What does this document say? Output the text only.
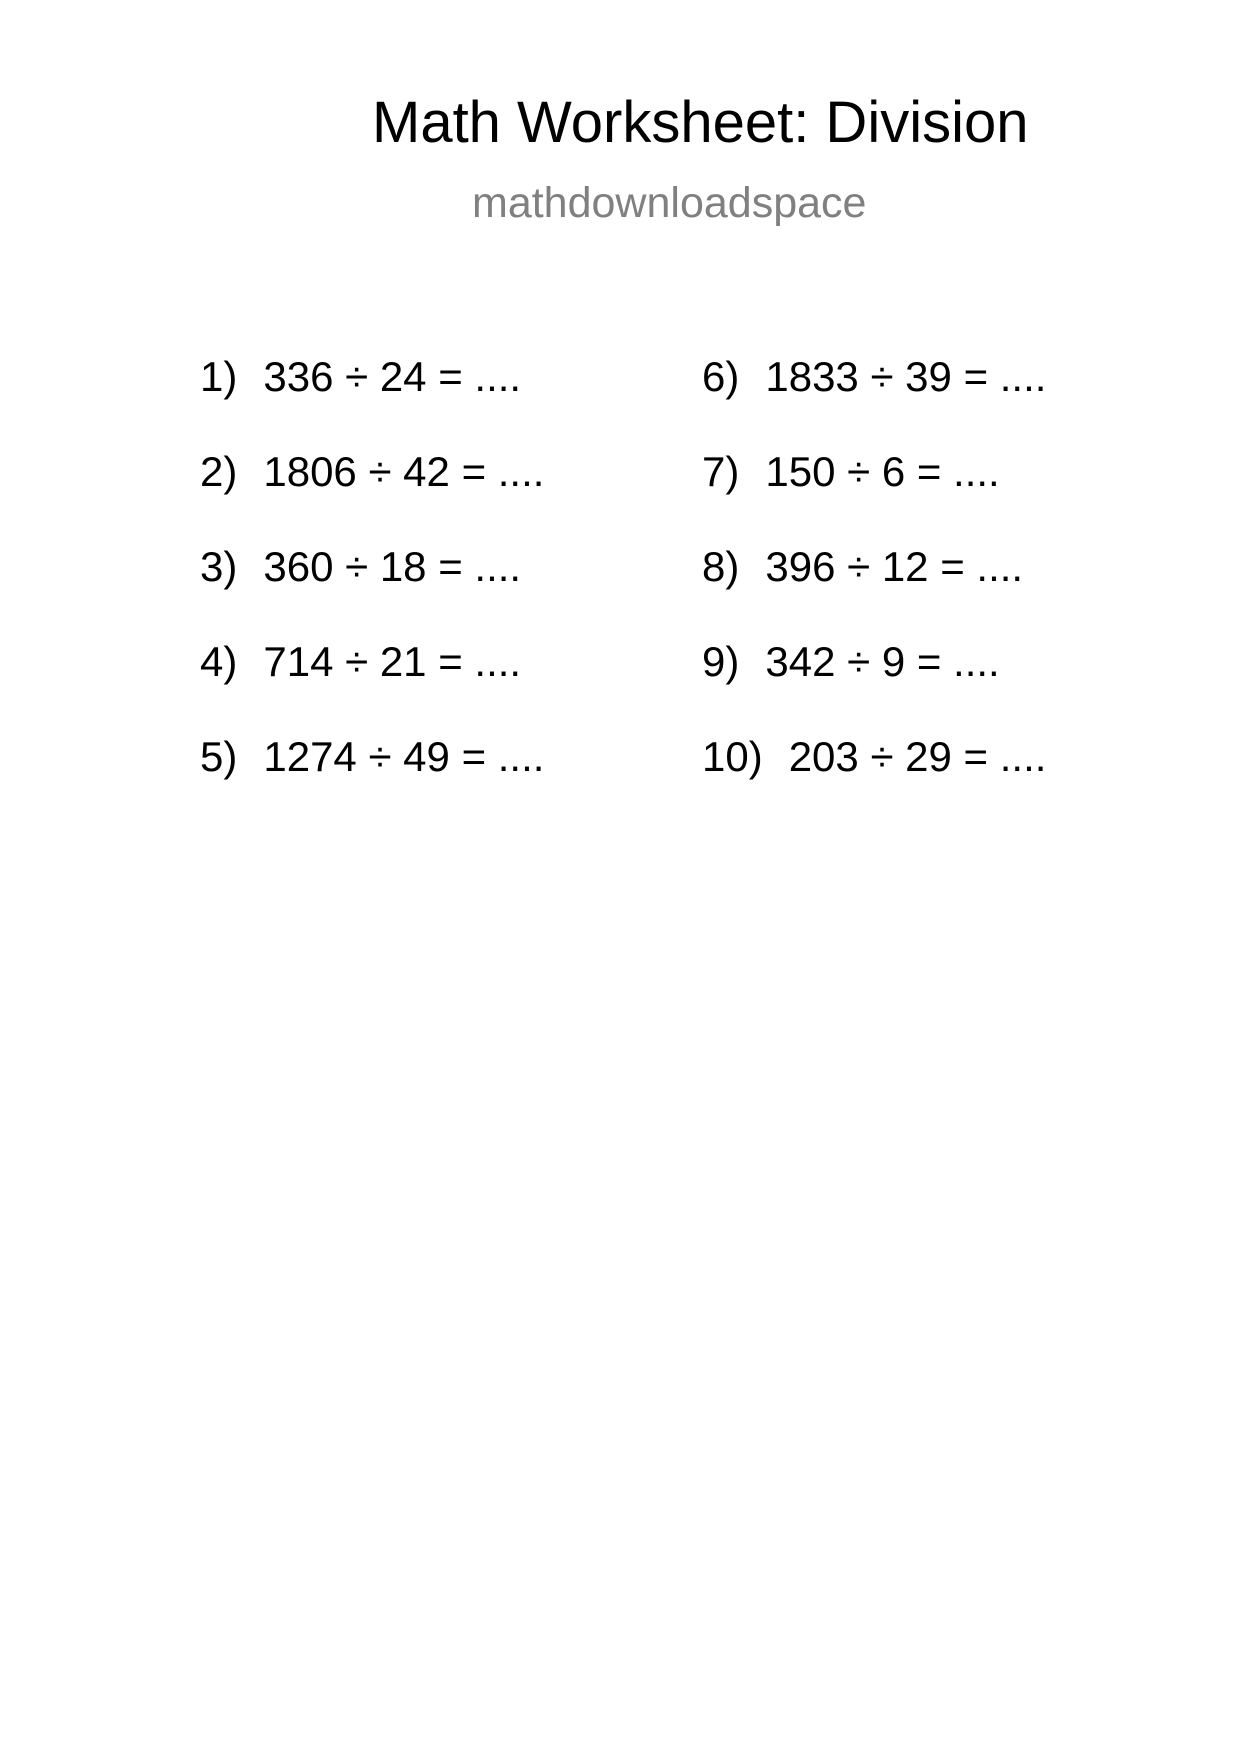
Math Worksheet: Division
mathdownloadspace
1) 336 ÷ 24 = ....
2) 1806 ÷ 42 = ....
3) 360 ÷ 18 = ....
4) 714 ÷ 21 = ....
5) 1274 ÷ 49 = ....
6) 1833 ÷ 39 = ....
7) 150 ÷ 6 = ....
8) 396 ÷ 12 = ....
9) 342 ÷ 9 = ....
10) 203 ÷ 29 = ....
